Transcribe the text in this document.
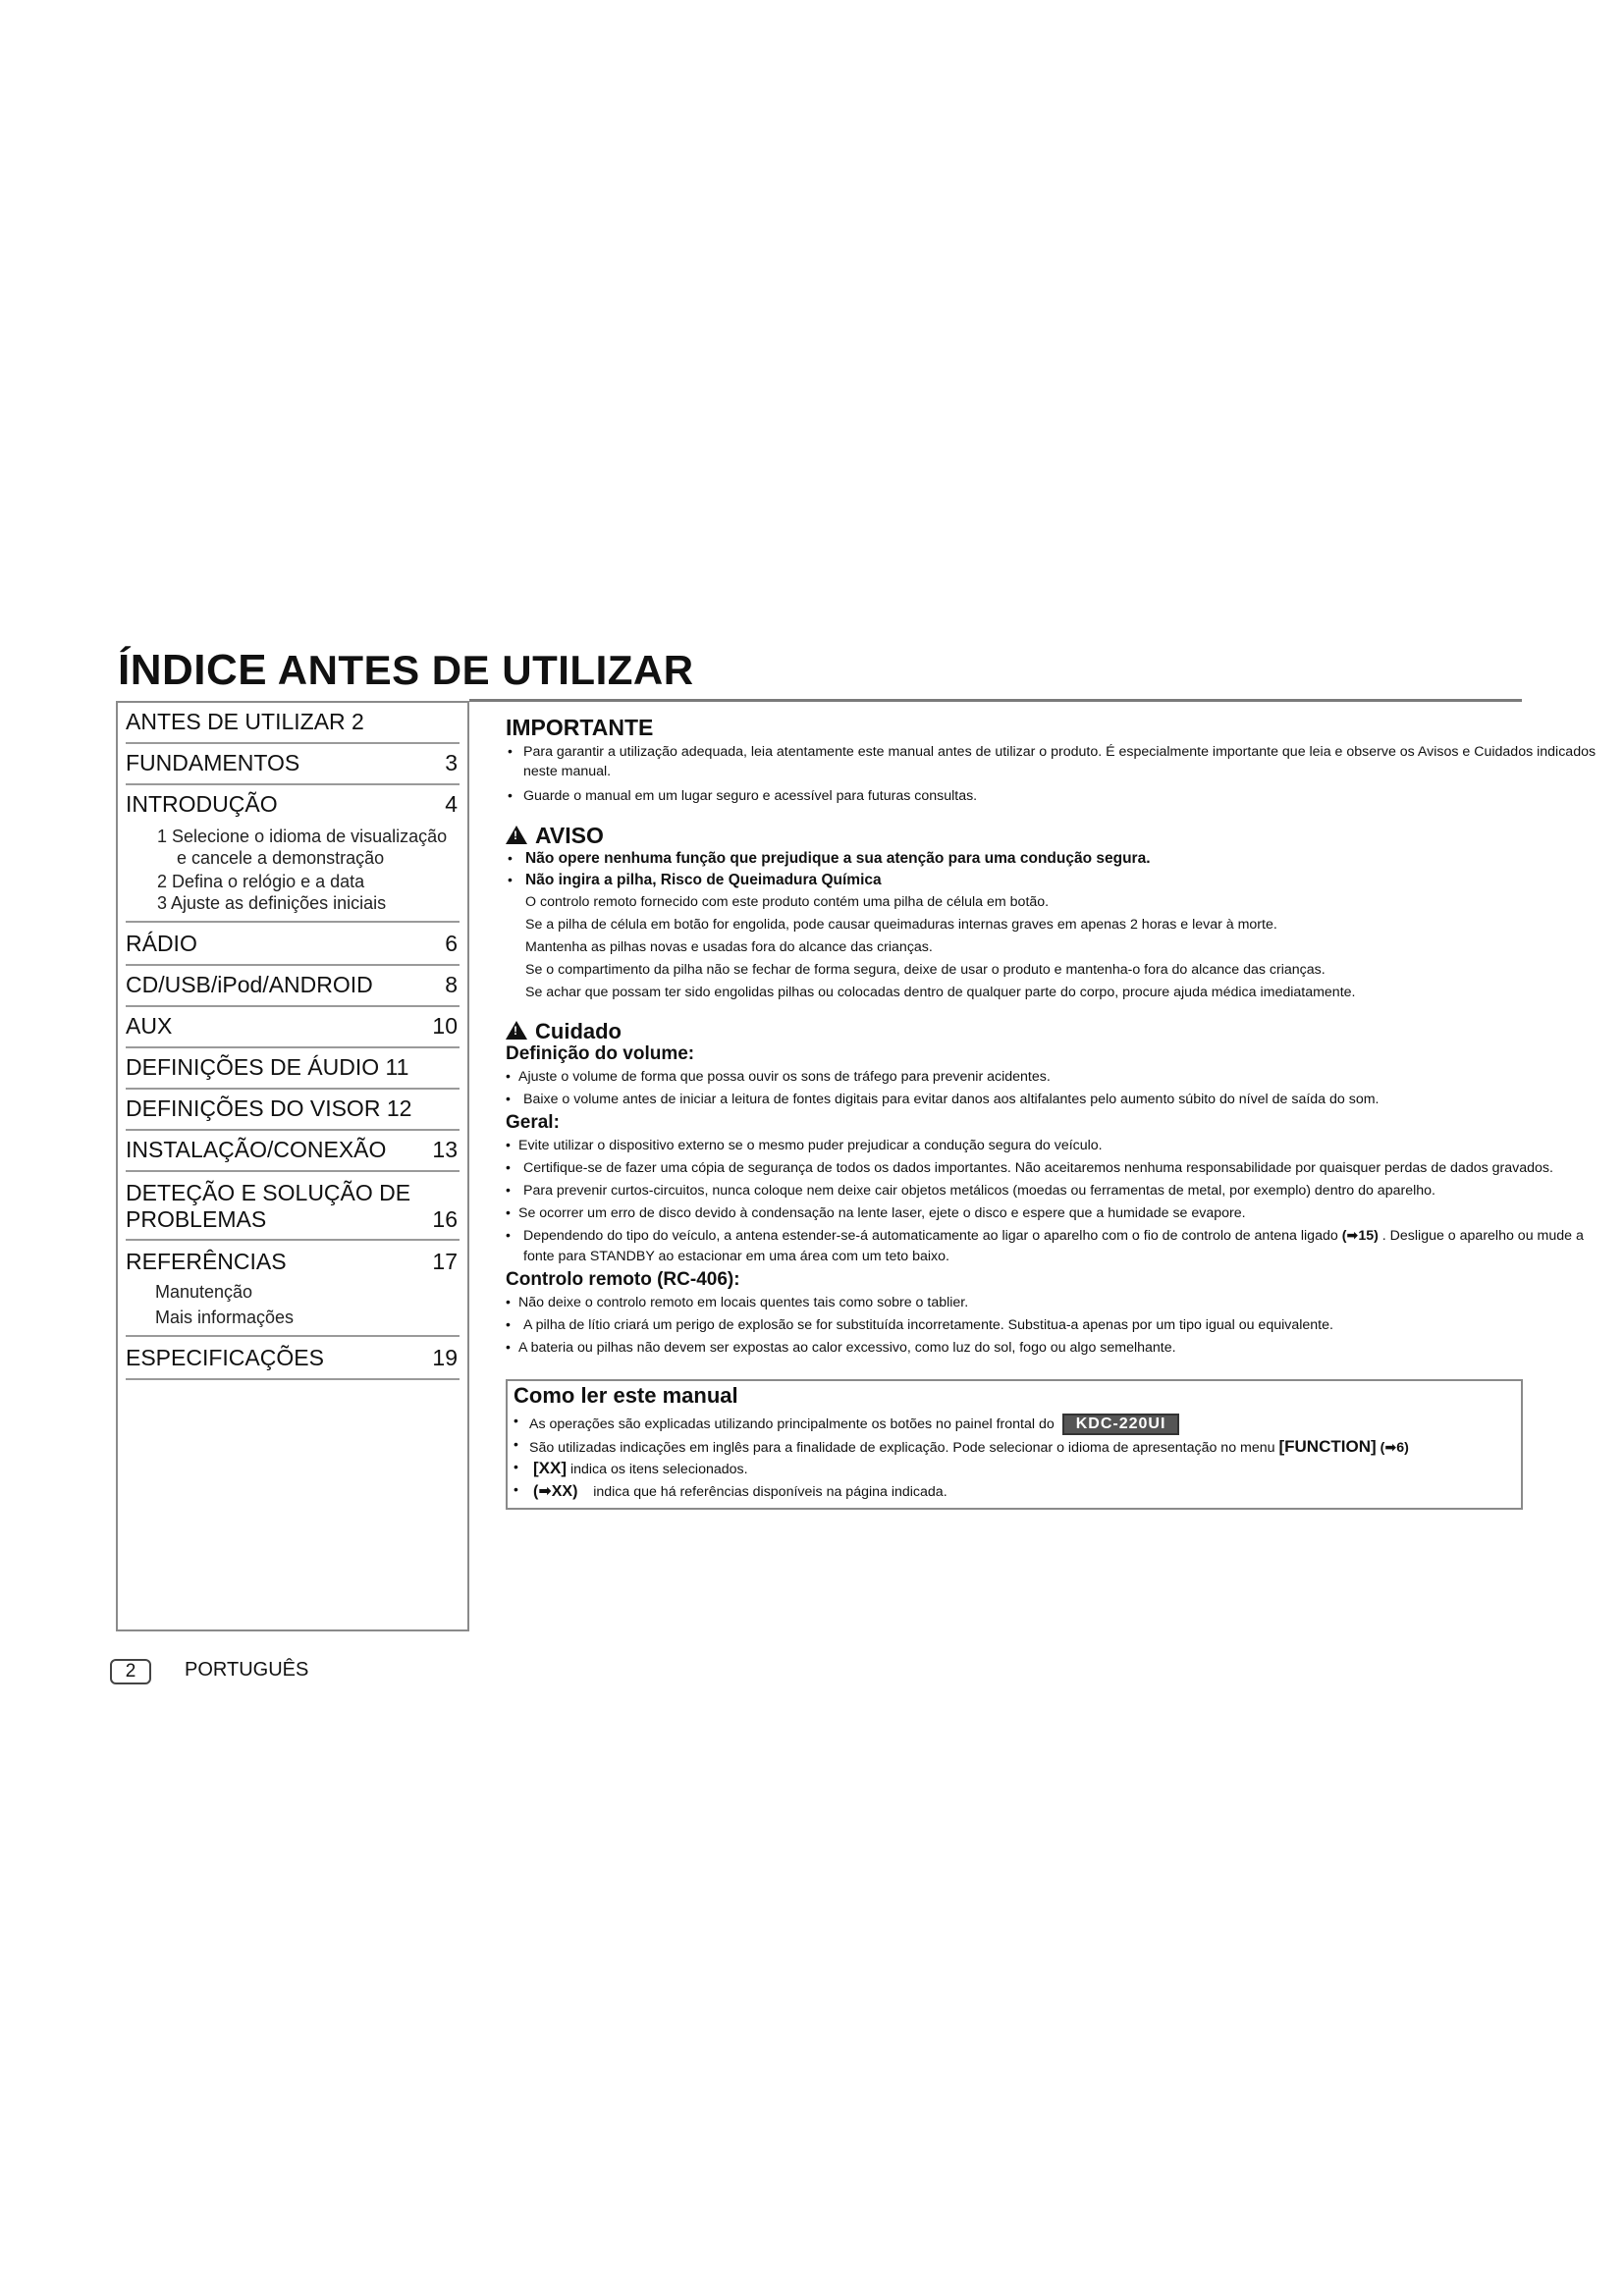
ÍNDICE ANTES DE UTILIZAR
ANTES DE UTILIZAR 2
FUNDAMENTOS	3
INTRODUÇÃO	4
1 Selecione o idioma de visualização
e cancele a demonstração
2 Defina o relógio e a data
3 Ajuste as definições iniciais
RÁDIO	6
CD/USB/iPod/ANDROID	8
AUX	10
DEFINIÇÕES DE ÁUDIO 11
DEFINIÇÕES DO VISOR 12
INSTALAÇÃO/CONEXÃO 13
DETEÇÃO E SOLUÇÃO DE
PROBLEMAS	16
REFERÊNCIAS	17
Manutenção
Mais informações
ESPECIFICAÇÕES	19
IMPORTANTE
• Para garantir a utilização adequada, leia atentamente este manual antes de utilizar o produto. É especialmente importante que leia e observe os Avisos e Cuidados indicados
neste manual.
• Guarde o manual em um lugar seguro e acessível para futuras consultas.
!AVISO
• Não opere nenhuma função que prejudique a sua atenção para uma condução segura.
• Não ingira a pilha, Risco de Queimadura Química
O controlo remoto fornecido com este produto contém uma pilha de célula em botão.
Se a pilha de célula em botão for engolida, pode causar queimaduras internas graves em apenas 2 horas e levar à morte.
Mantenha as pilhas novas e usadas fora do alcance das crianças.
Se o compartimento da pilha não se fechar de forma segura, deixe de usar o produto e mantenha-o fora do alcance das crianças.
Se achar que possam ter sido engolidas pilhas ou colocadas dentro de qualquer parte do corpo, procure ajuda médica imediatamente.
!Cuidado
Definição do volume:
• Ajuste o volume de forma que possa ouvir os sons de tráfego para prevenir acidentes.
• Baixe o volume antes de iniciar a leitura de fontes digitais para evitar danos aos altifalantes pelo aumento súbito do nível de saída do som.
Geral:
• Evite utilizar o dispositivo externo se o mesmo puder prejudicar a condução segura do veículo.
• Certifique-se de fazer uma cópia de segurança de todos os dados importantes. Não aceitaremos nenhuma responsabilidade por quaisquer perdas de dados gravados.
• Para prevenir curtos-circuitos, nunca coloque nem deixe cair objetos metálicos (moedas ou ferramentas de metal, por exemplo) dentro do aparelho.
• Se ocorrer um erro de disco devido à condensação na lente laser, ejete o disco e espere que a humidade se evapore.
• Dependendo do tipo do veículo, a antena estender-se-á automaticamente ao ligar o aparelho com o fio de controlo de antena ligado (➡15) . Desligue o aparelho ou mude a
fonte para STANDBY ao estacionar em uma área com um teto baixo.
Controlo remoto (RC-406):
• Não deixe o controlo remoto em locais quentes tais como sobre o tablier.
• A pilha de lítio criará um perigo de explosão se for substituída incorretamente. Substitua-a apenas por um tipo igual ou equivalente.
• A bateria ou pilhas não devem ser expostas ao calor excessivo, como luz do sol, fogo ou algo semelhante.
Como ler este manual
• As operações são explicadas utilizando principalmente os botões no painel frontal do KDC-220UI
• São utilizadas indicações em inglês para a finalidade de explicação. Pode selecionar o idioma de apresentação no menu [FUNCTION] (➡6)
• [XX] indica os itens selecionados.
• (➡XX) indica que há referências disponíveis na página indicada.
2	PORTUGUÊS
